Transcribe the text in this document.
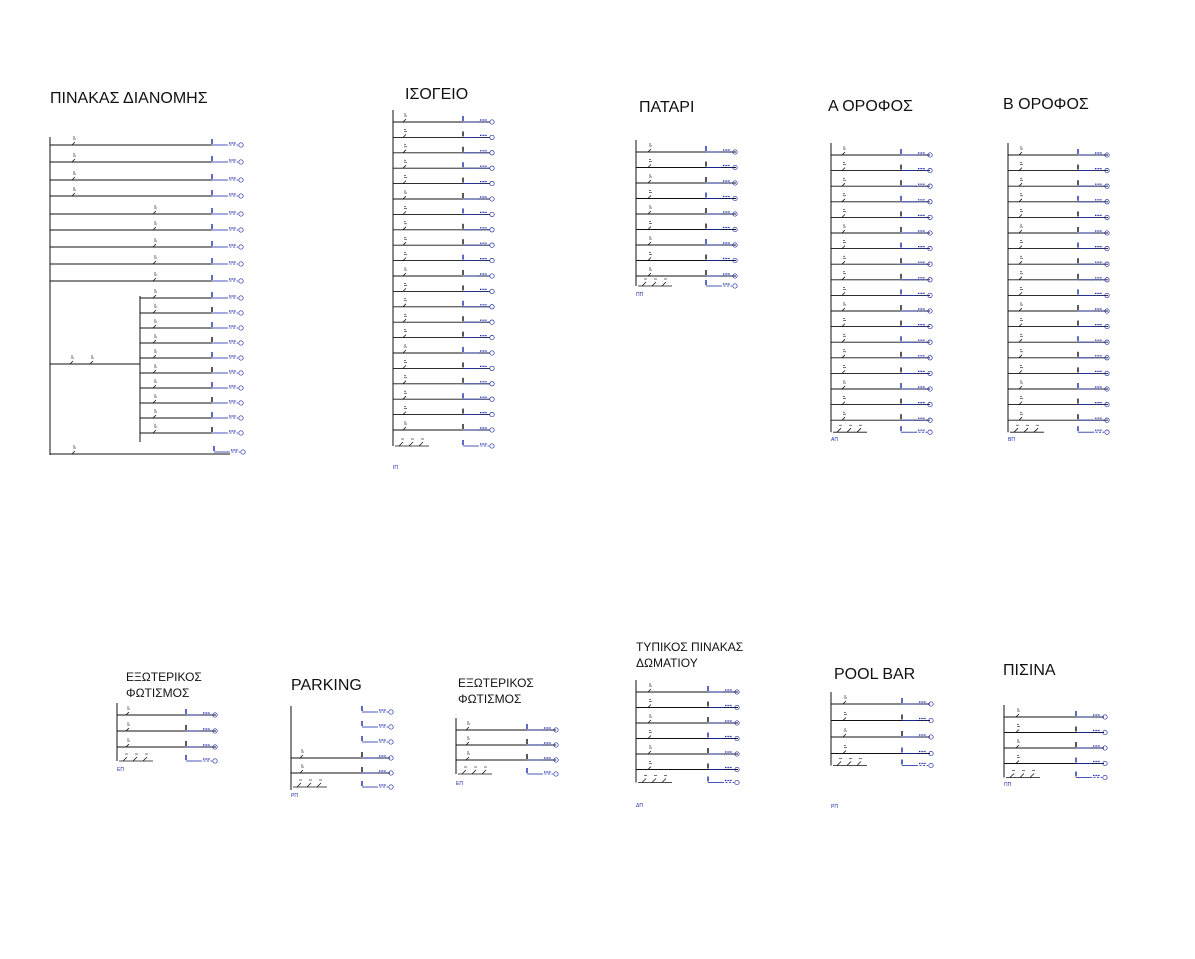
ΠΙΝΑΚΑΣ ΔΙΑΝΟΜΗΣ	ΙΣΟΓΕΙΟ
ΠΑΤΑΡΙ	Α ΟΡΟΦΟΣ	Β ΟΡΟΦΟΣ
ΕΞΩΤΕΡΙΚΟΣ
ΦΩΤΙΣΜΟΣ	PARKING	ΕΞΩΤΕΡΙΚΟΣ
ΦΩΤΙΣΜΟΣ
ΤΥΠΙΚΟΣ ΠΙΝΑΚΑΣ
ΔΩΜΑΤΙΟΥ
POOL BAR	ΠΙΣΙΝΑ
ΙΠ
ΠΠ
ΑΠ	ΒΠ
ΕΠ
ΡΠ
ΕΠ
ΔΠ	ΡΠ
ΠΠ
